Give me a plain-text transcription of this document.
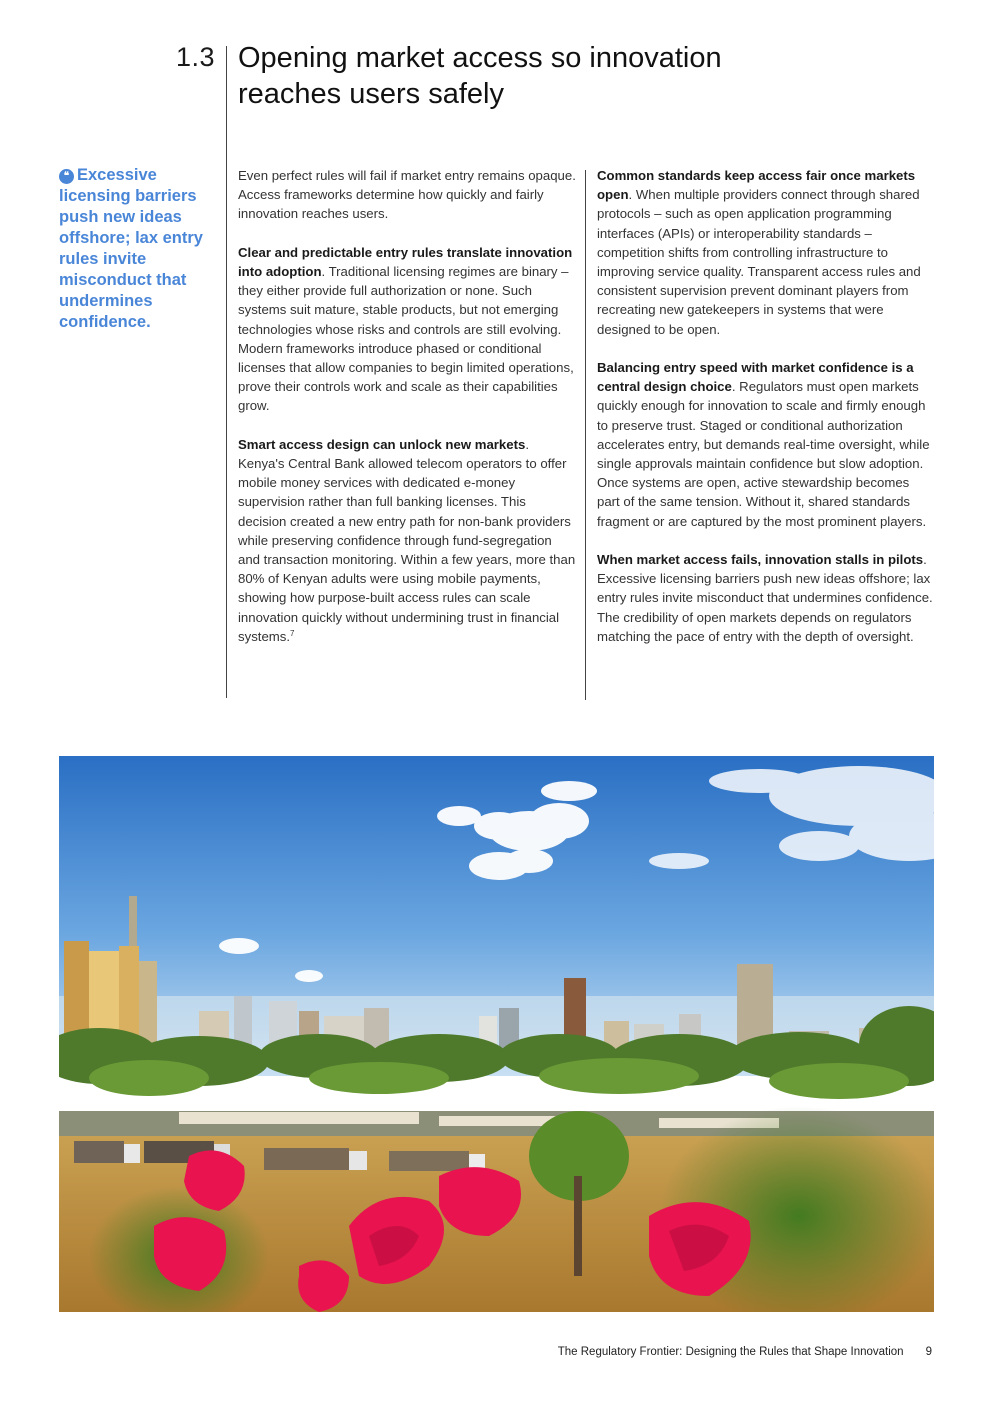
1.3 Opening market access so innovation reaches users safely

❝ Excessive licensing barriers push new ideas offshore; lax entry rules invite misconduct that undermines confidence.

Even perfect rules will fail if market entry remains opaque. Access frameworks determine how quickly and fairly innovation reaches users.

Clear and predictable entry rules translate innovation into adoption. Traditional licensing regimes are binary – they either provide full authorization or none. Such systems suit mature, stable products, but not emerging technologies whose risks and controls are still evolving. Modern frameworks introduce phased or conditional licenses that allow companies to begin limited operations, prove their controls work and scale as their capabilities grow.

Smart access design can unlock new markets. Kenya's Central Bank allowed telecom operators to offer mobile money services with dedicated e-money supervision rather than full banking licenses. This decision created a new entry path for non-bank providers while preserving confidence through fund-segregation and transaction monitoring. Within a few years, more than 80% of Kenyan adults were using mobile payments, showing how purpose-built access rules can scale innovation quickly without undermining trust in financial systems.$^7$

Common standards keep access fair once markets open. When multiple providers connect through shared protocols – such as open application programming interfaces (APIs) or interoperability standards – competition shifts from controlling infrastructure to improving service quality. Transparent access rules and consistent supervision prevent dominant players from recreating new gatekeepers in systems that were designed to be open.

Balancing entry speed with market confidence is a central design choice. Regulators must open markets quickly enough for innovation to scale and firmly enough to preserve trust. Staged or conditional authorization accelerates entry, but demands real-time oversight, while single approvals maintain confidence but slow adoption. Once systems are open, active stewardship becomes part of the same tension. Without it, shared standards fragment or are captured by the most prominent players.

When market access fails, innovation stalls in pilots. Excessive licensing barriers push new ideas offshore; lax entry rules invite misconduct that undermines confidence. The credibility of open markets depends on regulators matching the pace of entry with the depth of oversight.

The Regulatory Frontier: Designing the Rules that Shape Innovation 9
